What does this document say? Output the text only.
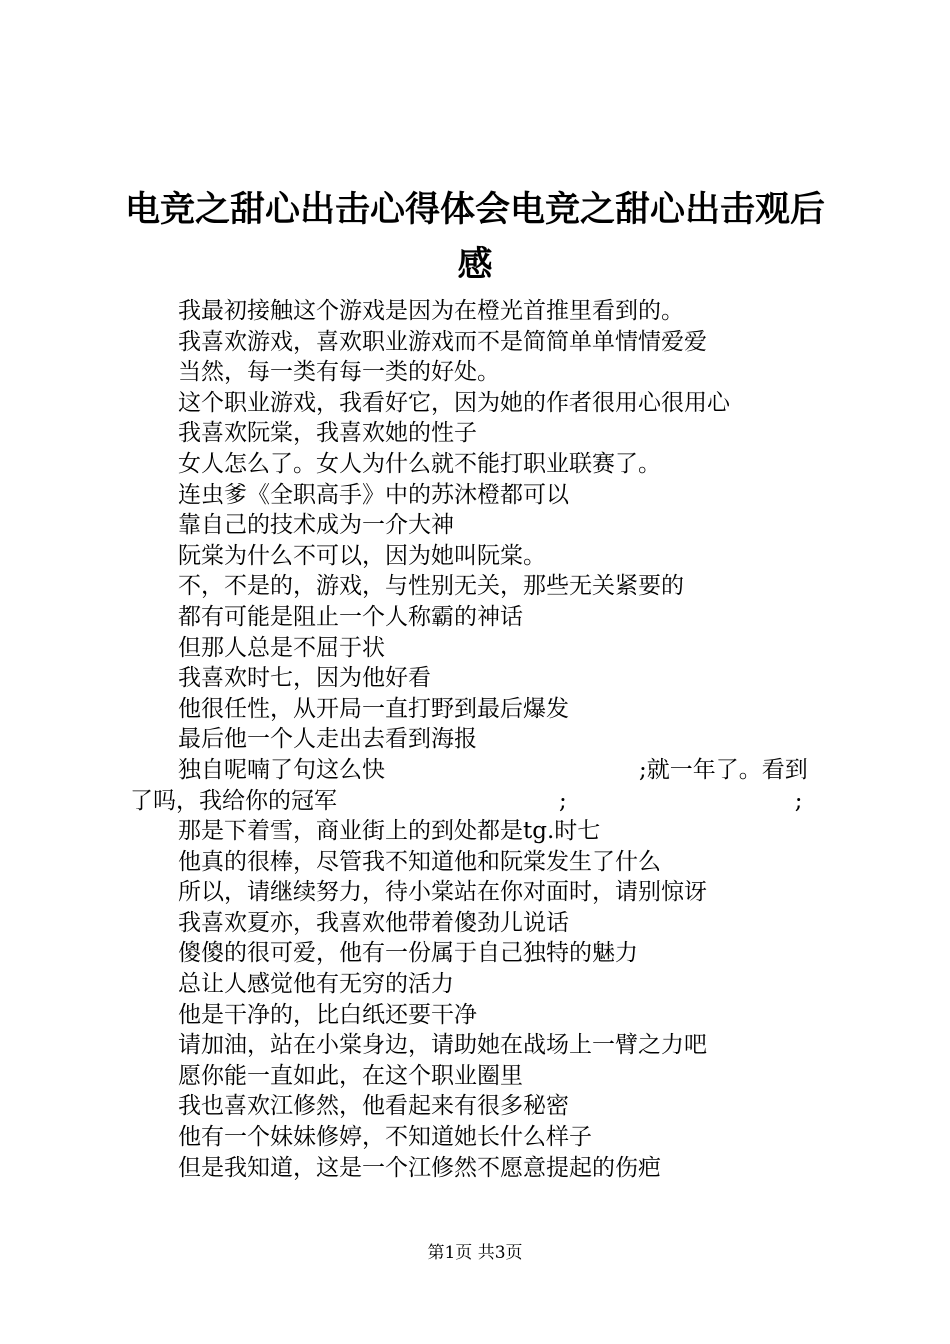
电竞之甜心出击心得体会电竞之甜心出击观后
感
我最初接触这个游戏是因为在橙光首推里看到的。
我喜欢游戏，喜欢职业游戏而不是简简单单情情爱爱
当然，每一类有每一类的好处。
这个职业游戏，我看好它，因为她的作者很用心很用心
我喜欢阮棠，我喜欢她的性子
女人怎么了。女人为什么就不能打职业联赛了。
连虫爹《全职高手》中的苏沐橙都可以
靠自己的技术成为一介大神
阮棠为什么不可以，因为她叫阮棠。
不，不是的，游戏，与性别无关，那些无关紧要的
都有可能是阻止一个人称霸的神话
但那人总是不屈于状
我喜欢时七，因为他好看
他很任性，从开局一直打野到最后爆发
最后他一个人走出去看到海报
独自呢喃了句这么快	;就一年了。看到
了吗，我给你的冠军	;	;
那是下着雪，商业街上的到处都是tg.时七
他真的很棒，尽管我不知道他和阮棠发生了什么
所以，请继续努力，待小棠站在你对面时，请别惊讶
我喜欢夏亦，我喜欢他带着傻劲儿说话
傻傻的很可爱，他有一份属于自己独特的魅力
总让人感觉他有无穷的活力
他是干净的，比白纸还要干净
请加油，站在小棠身边，请助她在战场上一臂之力吧
愿你能一直如此，在这个职业圈里
我也喜欢江修然，他看起来有很多秘密
他有一个妹妹修婷，不知道她长什么样子
但是我知道，这是一个江修然不愿意提起的伤疤
第1页 共3页
